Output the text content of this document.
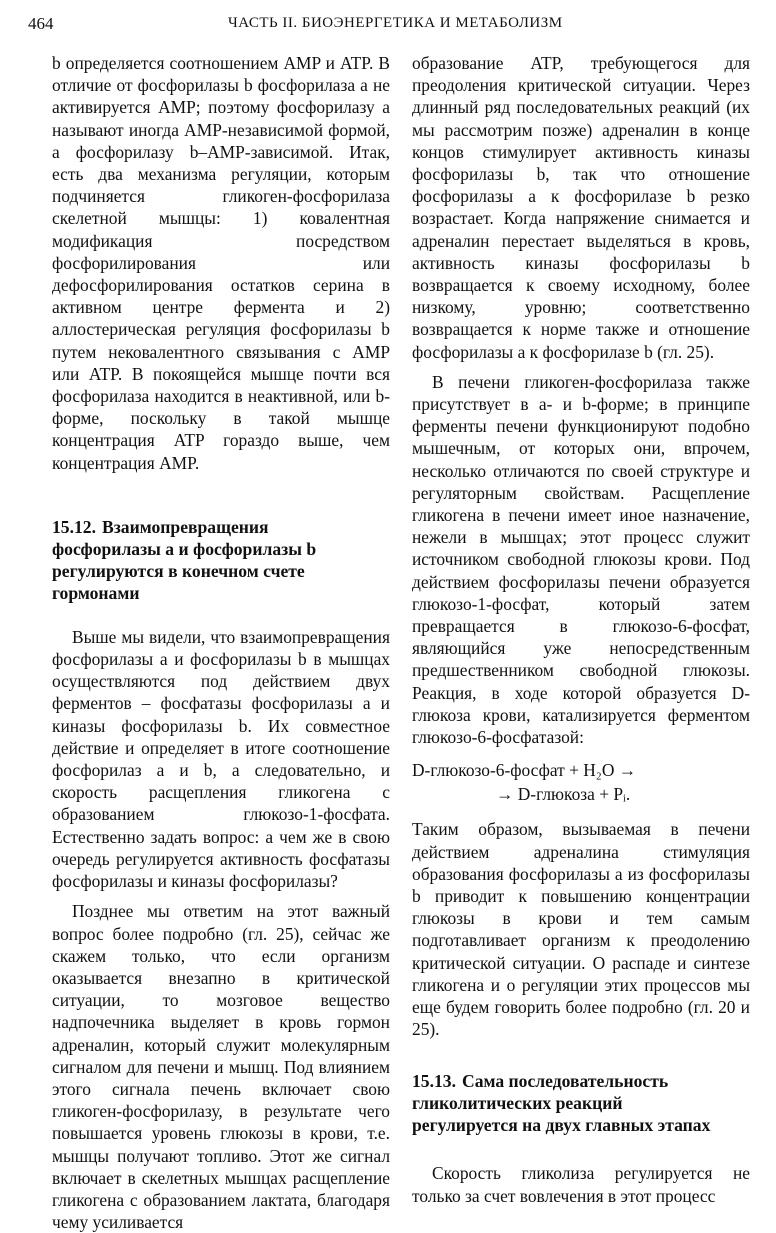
464	ЧАСТЬ II. БИОЭНЕРГЕТИКА И МЕТАБОЛИЗМ

b определяется соотношением AMP и ATP. В отличие от фосфорилазы b фосфорилаза a не активируется AMP; поэтому фосфорилазу a называют иногда AMP-независимой формой, а фосфорилазу b–AMP-зависимой. Итак, есть два механизма регуляции, которым подчиняется гликоген-фосфорилаза скелетной мышцы: 1) ковалентная модификация посредством фосфорилирования или дефосфорилирования остатков серина в активном центре фермента и 2) аллостерическая регуляция фосфорилазы b путем нековалентного связывания с AMP или ATP. В покоящейся мышце почти вся фосфорилаза находится в неактивной, или b-форме, поскольку в такой мышце концентрация ATP гораздо выше, чем концентрация AMP.

15.12. Взаимопревращения фосфорилазы a и фосфорилазы b регулируются в конечном счете гормонами

Выше мы видели, что взаимопревращения фосфорилазы a и фосфорилазы b в мышцах осуществляются под действием двух ферментов – фосфатазы фосфорилазы a и киназы фосфорилазы b. Их совместное действие и определяет в итоге соотношение фосфорилаз a и b, а следовательно, и скорость расщепления гликогена с образованием глюкозо-1-фосфата. Естественно задать вопрос: а чем же в свою очередь регулируется активность фосфатазы фосфорилазы и киназы фосфорилазы?

Позднее мы ответим на этот важный вопрос более подробно (гл. 25), сейчас же скажем только, что если организм оказывается внезапно в критической ситуации, то мозговое вещество надпочечника выделяет в кровь гормон адреналин, который служит молекулярным сигналом для печени и мышц. Под влиянием этого сигнала печень включает свою гликоген-фосфорилазу, в результате чего повышается уровень глюкозы в крови, т.е. мышцы получают топливо. Этот же сигнал включает в скелетных мышцах расщепление гликогена с образованием лактата, благодаря чему усиливается

образование ATP, требующегося для преодоления критической ситуации. Через длинный ряд последовательных реакций (их мы рассмотрим позже) адреналин в конце концов стимулирует активность киназы фосфорилазы b, так что отношение фосфорилазы a к фосфорилазе b резко возрастает. Когда напряжение снимается и адреналин перестает выделяться в кровь, активность киназы фосфорилазы b возвращается к своему исходному, более низкому, уровню; соответственно возвращается к норме также и отношение фосфорилазы a к фосфорилазе b (гл. 25).

В печени гликоген-фосфорилаза также присутствует в a- и b-форме; в принципе ферменты печени функционируют подобно мышечным, от которых они, впрочем, несколько отличаются по своей структуре и регуляторным свойствам. Расщепление гликогена в печени имеет иное назначение, нежели в мышцах; этот процесс служит источником свободной глюкозы крови. Под действием фосфорилазы печени образуется глюкозо-1-фосфат, который затем превращается в глюкозо-6-фосфат, являющийся уже непосредственным предшественником свободной глюкозы. Реакция, в ходе которой образуется D-глюкоза крови, катализируется ферментом глюкозо-6-фосфатазой:

D-глюкозо-6-фосфат + H₂O →
→ D-глюкоза + Pᵢ.

Таким образом, вызываемая в печени действием адреналина стимуляция образования фосфорилазы a из фосфорилазы b приводит к повышению концентрации глюкозы в крови и тем самым подготавливает организм к преодолению критической ситуации. О распаде и синтезе гликогена и о регуляции этих процессов мы еще будем говорить более подробно (гл. 20 и 25).

15.13. Сама последовательность гликолитических реакций регулируется на двух главных этапах

Скорость гликолиза регулируется не только за счет вовлечения в этот процесс
